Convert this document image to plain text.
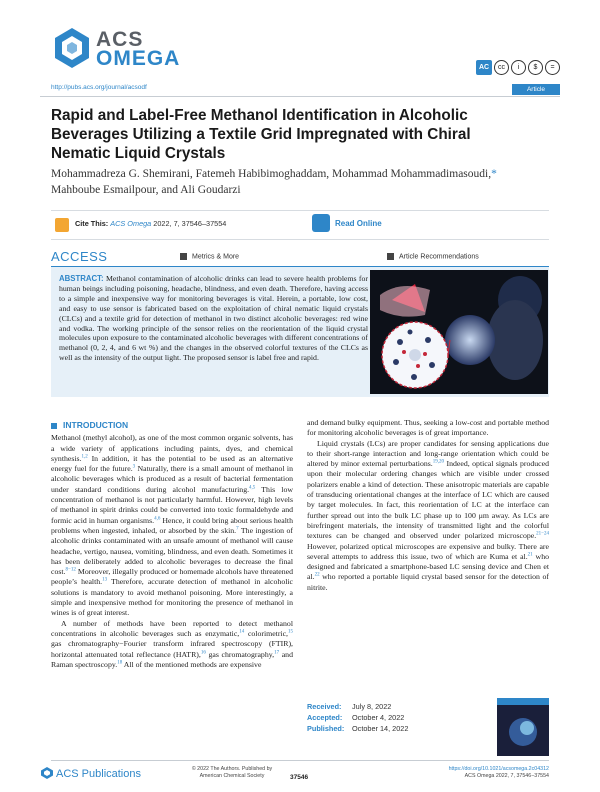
ACS
OMEGA	AC	cc	i	$	=
http://pubs.acs.org/journal/acsodf	Article
Rapid and Label-Free Methanol Identification in Alcoholic Beverages Utilizing a Textile Grid Impregnated with Chiral Nematic Liquid Crystals
Mohammadreza G. Shemirani, Fatemeh Habibimoghaddam, Mohammad Mohammadimasoudi,*
Mahboube Esmailpour, and Ali Goudarzi
Cite This: ACS Omega 2022, 7, 37546–37554	Read Online
ACCESS	Metrics & More	Article Recommendations
ABSTRACT: Methanol contamination of alcoholic drinks can lead to severe health problems for human beings including poisoning, headache, blindness, and even death. Therefore, having access to a simple and inexpensive way for monitoring beverages is vital. Herein, a portable, low cost, and easy to use sensor is fabricated based on the exploitation of chiral nematic liquid crystals (CLCs) and a textile grid for detection of methanol in two distinct alcoholic beverages: red wine and vodka. The working principle of the sensor relies on the reorientation of the liquid crystal molecules upon exposure to the contaminated alcoholic beverages with different concentrations of methanol (0, 2, 4, and 6 wt %) and the changes in the observed colorful textures of the CLCs as well as the intensity of the output light. The proposed sensor is label free and rapid.
INTRODUCTION

Methanol (methyl alcohol), as one of the most common organic solvents, has a wide variety of applications including paints, dyes, and chemical synthesis.$^{1,2}$ In addition, it has the potential to be used as an alternative energy fuel for the future.$^3$ Naturally, there is a small amount of methanol in alcoholic beverages which is produced as a result of bacterial fermentation under standard conditions during alcohol manufacturing.$^{4,5}$ This low concentration of methanol is not particularly harmful. However, high levels of methanol in spirit drinks could be converted into toxic formaldehyde and formic acid in human organisms.$^{4,6}$ Hence, it could bring about serious health problems when ingested, inhaled, or absorbed by the skin.$^7$ The ingestion of alcoholic drinks contaminated with an unsafe amount of methanol will cause headache, vertigo, nausea, vomiting, blindness, and even death. Sometimes it has been deliberately added to alcoholic beverages to decrease the final cost.$^{8-12}$ Moreover, illegally produced or homemade alcohols have threatened people’s health.$^{13}$ Therefore, accurate detection of methanol in alcoholic solutions is mandatory to avoid methanol poisoning. More interestingly, a simple and inexpensive method for monitoring the presence of methanol in wines is of great interest.

A number of methods have been reported to detect methanol concentrations in alcoholic beverages such as enzymatic,$^{14}$ colorimetric,$^{15}$ gas chromatography−Fourier transform infrared spectroscopy (FTIR), horizontal attenuated total reflectance (HATR),$^{16}$ gas chromatography,$^{17}$ and Raman spectroscopy.$^{18}$ All of the mentioned methods are expensive

and demand bulky equipment. Thus, seeking a low-cost and portable method for monitoring alcoholic beverages is of great importance.

Liquid crystals (LCs) are proper candidates for sensing applications due to their short-range interaction and long-range orientation which could be altered by minor external perturbations.$^{19,20}$ Indeed, optical signals produced upon their molecular ordering changes which are visible under crossed polarizers enable a kind of detection. These anisotropic materials are capable of transducing orientational changes at the interface of LC which are caused by target molecules. In fact, this reorientation of LC at the interface can further spread out into the bulk LC phase up to 100 μm away. As LCs are birefringent materials, the intensity of transmitted light and the colorful textures can be changed and observed under polarized microscope.$^{21-24}$ However, polarized optical microscopes are expensive and bulky. There are several attempts to address this issue, two of which are Kuma et al.$^{21}$ who designed and fabricated a smartphone-based LC sensing device and Chen et al.$^{22}$ who reported a portable liquid crystal based sensor for the detection of nitrite.

Received: July 8, 2022
Accepted: October 4, 2022
Published: October 14, 2022
ACS Publications	© 2022 The Authors. Published by
American Chemical Society	37546
https://doi.org/10.1021/acsomega.2c04312
ACS Omega 2022, 7, 37546−37554
